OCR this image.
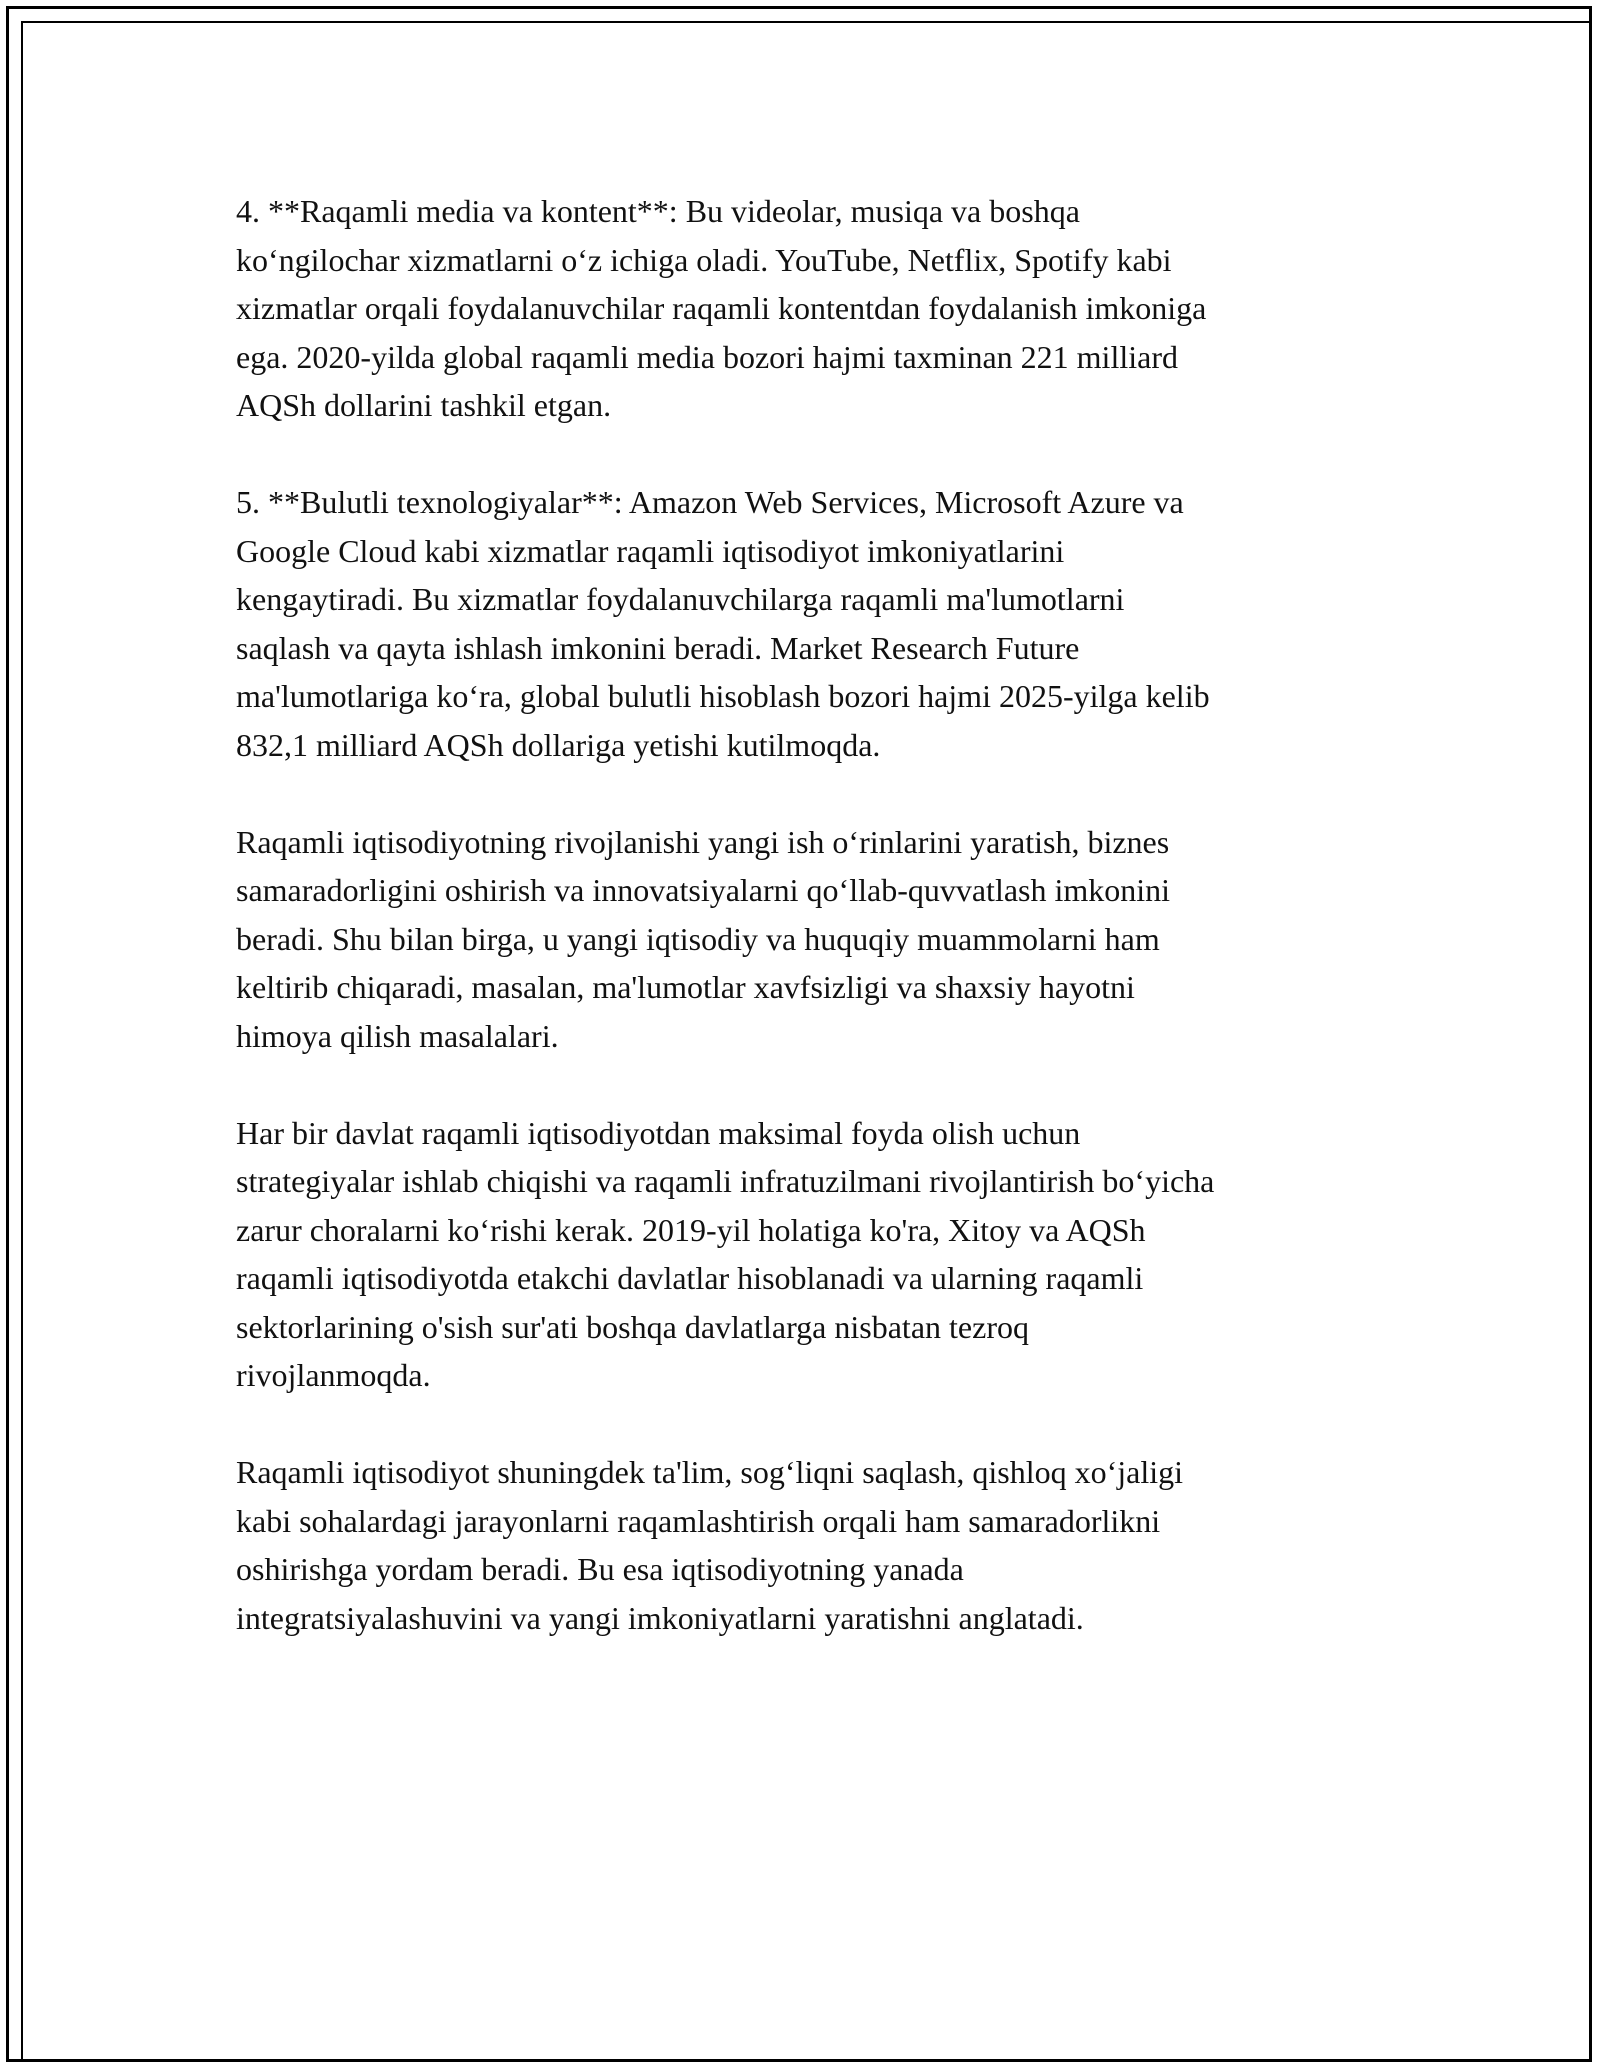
4. **Raqamli media va kontent**: Bu videolar, musiqa va boshqa
ko‘ngilochar xizmatlarni o‘z ichiga oladi. YouTube, Netflix, Spotify kabi
xizmatlar orqali foydalanuvchilar raqamli kontentdan foydalanish imkoniga
ega. 2020-yilda global raqamli media bozori hajmi taxminan 221 milliard
AQSh dollarini tashkil etgan.

5. **Bulutli texnologiyalar**: Amazon Web Services, Microsoft Azure va
Google Cloud kabi xizmatlar raqamli iqtisodiyot imkoniyatlarini
kengaytiradi. Bu xizmatlar foydalanuvchilarga raqamli ma'lumotlarni
saqlash va qayta ishlash imkonini beradi. Market Research Future
ma'lumotlariga ko‘ra, global bulutli hisoblash bozori hajmi 2025-yilga kelib
832,1 milliard AQSh dollariga yetishi kutilmoqda.

Raqamli iqtisodiyotning rivojlanishi yangi ish o‘rinlarini yaratish, biznes
samaradorligini oshirish va innovatsiyalarni qo‘llab-quvvatlash imkonini
beradi. Shu bilan birga, u yangi iqtisodiy va huquqiy muammolarni ham
keltirib chiqaradi, masalan, ma'lumotlar xavfsizligi va shaxsiy hayotni
himoya qilish masalalari.

Har bir davlat raqamli iqtisodiyotdan maksimal foyda olish uchun
strategiyalar ishlab chiqishi va raqamli infratuzilmani rivojlantirish bo‘yicha
zarur choralarni ko‘rishi kerak. 2019-yil holatiga ko'ra, Xitoy va AQSh
raqamli iqtisodiyotda etakchi davlatlar hisoblanadi va ularning raqamli
sektorlarining o'sish sur'ati boshqa davlatlarga nisbatan tezroq
rivojlanmoqda.

Raqamli iqtisodiyot shuningdek ta'lim, sog‘liqni saqlash, qishloq xo‘jaligi
kabi sohalardagi jarayonlarni raqamlashtirish orqali ham samaradorlikni
oshirishga yordam beradi. Bu esa iqtisodiyotning yanada
integratsiyalashuvini va yangi imkoniyatlarni yaratishni anglatadi.
